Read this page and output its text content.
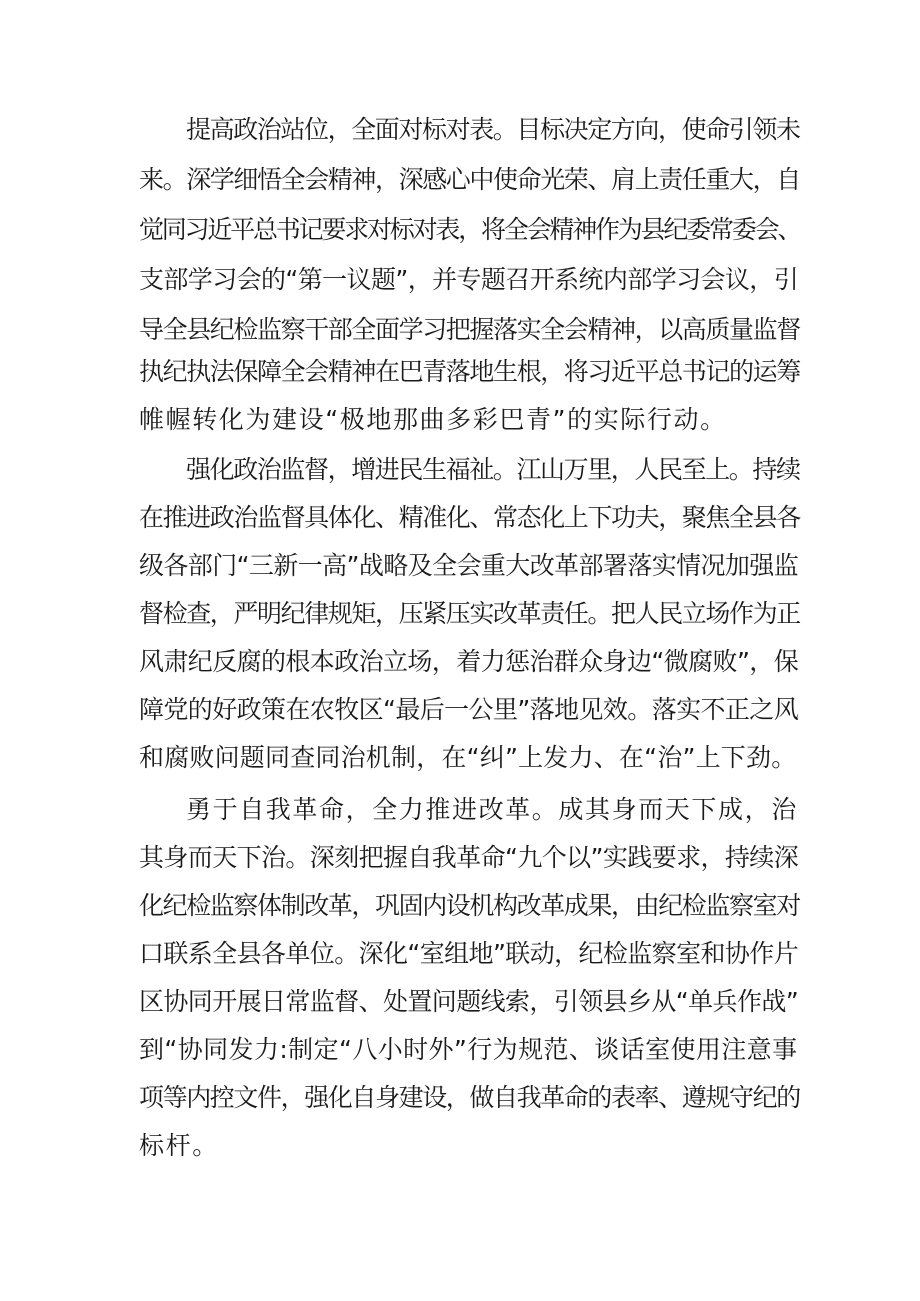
提高政治站位，全面对标对表。目标决定方向，使命引领未

来。深学细悟全会精神，深感心中使命光荣、肩上责任重大，自

觉同习近平总书记要求对标对表，将全会精神作为县纪委常委会、

支部学习会的“第一议题”，并专题召开系统内部学习会议，引

导全县纪检监察干部全面学习把握落实全会精神，以高质量监督

执纪执法保障全会精神在巴青落地生根，将习近平总书记的运筹

帷幄转化为建设“极地那曲多彩巴青”的实际行动。

强化政治监督，增进民生福祉。江山万里，人民至上。持续

在推进政治监督具体化、精准化、常态化上下功夫，聚焦全县各

级各部门“三新一高”战略及全会重大改革部署落实情况加强监

督检查，严明纪律规矩，压紧压实改革责任。把人民立场作为正

风肃纪反腐的根本政治立场，着力惩治群众身边“微腐败”，保

障党的好政策在农牧区“最后一公里”落地见效。落实不正之风

和腐败问题同查同治机制，在“纠”上发力、在“治”上下劲。

勇于自我革命，全力推进改革。成其身而天下成，治

其身而天下治。深刻把握自我革命“九个以”实践要求，持续深

化纪检监察体制改革，巩固内设机构改革成果，由纪检监察室对

口联系全县各单位。深化“室组地”联动，纪检监察室和协作片

区协同开展日常监督、处置问题线索，引领县乡从“单兵作战”

到“协同发力:制定“八小时外”行为规范、谈话室使用注意事

项等内控文件，强化自身建设，做自我革命的表率、遵规守纪的

标杆。
